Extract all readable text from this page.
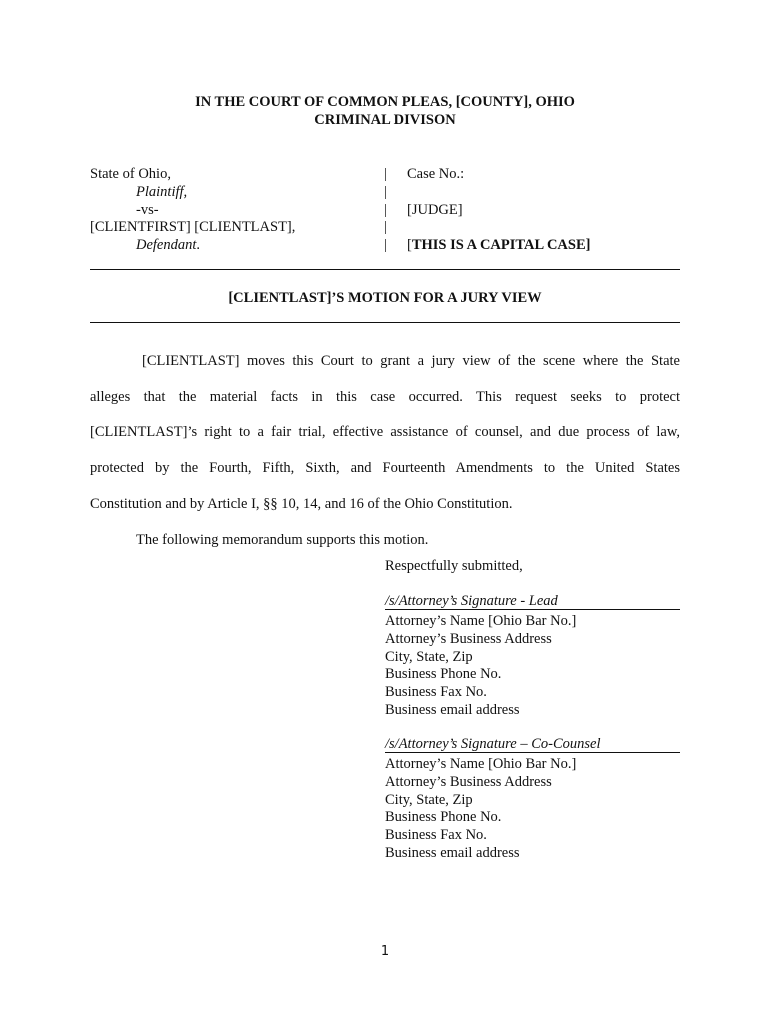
IN THE COURT OF COMMON PLEAS, [COUNTY], OHIO
CRIMINAL DIVISON
State of Ohio,
Plaintiff,
-vs-
[CLIENTFIRST] [CLIENTLAST],
Defendant.
|
|
|
|
|
Case No.:
[JUDGE]
[THIS IS A CAPITAL CASE]
[CLIENTLAST]’S MOTION FOR A JURY VIEW

[CLIENTLAST] moves this Court to grant a jury view of the scene where the State

alleges that the material facts in this case occurred. This request seeks to protect

[CLIENTLAST]’s right to a fair trial, effective assistance of counsel, and due process of law,

protected by the Fourth, Fifth, Sixth, and Fourteenth Amendments to the United States

Constitution and by Article I, §§ 10, 14, and 16 of the Ohio Constitution.

The following memorandum supports this motion.

Respectfully submitted,
/s/Attorney’s Signature - Lead
Attorney’s Name [Ohio Bar No.]
Attorney’s Business Address
City, State, Zip
Business Phone No.
Business Fax No.
Business email address
/s/Attorney’s Signature – Co-Counsel
Attorney’s Name [Ohio Bar No.]
Attorney’s Business Address
City, State, Zip
Business Phone No.
Business Fax No.
Business email address
1
